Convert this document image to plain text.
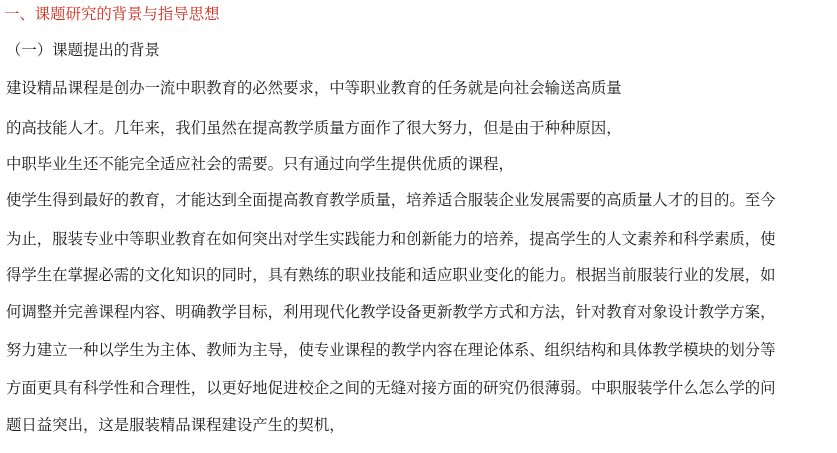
一、课题研究的背景与指导思想
（一）课题提出的背景
建设精品课程是创办一流中职教育的必然要求，中等职业教育的任务就是向社会输送高质量
的高技能人才。几年来，我们虽然在提高教学质量方面作了很大努力，但是由于种种原因，
中职毕业生还不能完全适应社会的需要。只有通过向学生提供优质的课程，
使学生得到最好的教育，才能达到全面提高教育教学质量，培养适合服装企业发展需要的高质量人才的目的。至今
为止，服装专业中等职业教育在如何突出对学生实践能力和创新能力的培养，提高学生的人文素养和科学素质，使
得学生在掌握必需的文化知识的同时，具有熟练的职业技能和适应职业变化的能力。根据当前服装行业的发展，如
何调整并完善课程内容、明确教学目标，利用现代化教学设备更新教学方式和方法，针对教育对象设计教学方案，
努力建立一种以学生为主体、教师为主导，使专业课程的教学内容在理论体系、组织结构和具体教学模块的划分等
方面更具有科学性和合理性，以更好地促进校企之间的无缝对接方面的研究仍很薄弱。中职服装学什么怎么学的问
题日益突出，这是服装精品课程建设产生的契机，
